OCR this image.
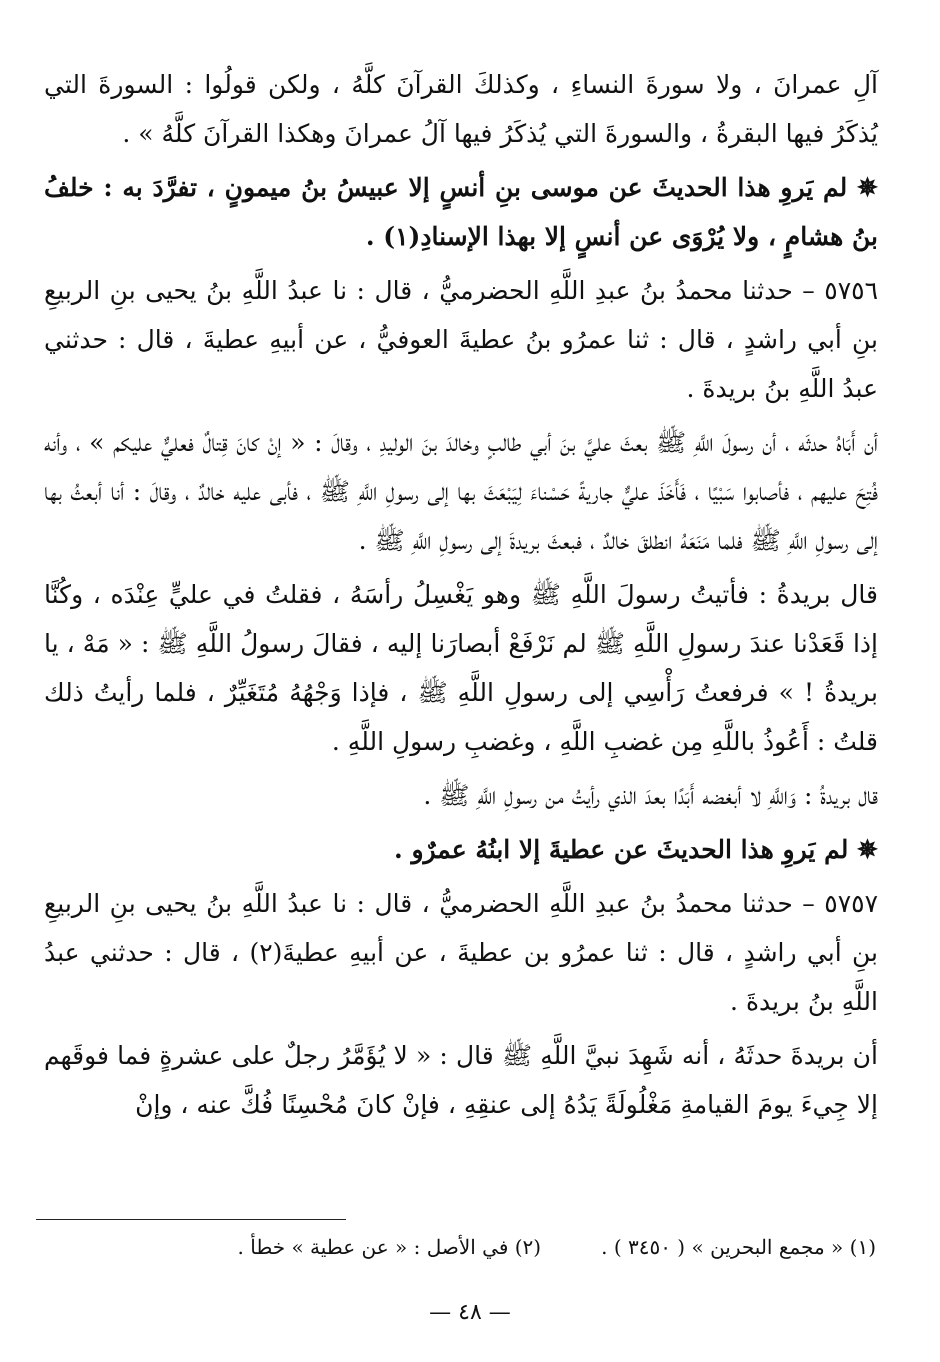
آلِ عمرانَ ، ولا سورةَ النساءِ ، وكذلكَ القرآنَ كلَّهُ ، ولكن قولُوا : السورةَ التي يُذكَرُ فيها البقرةُ ، والسورةَ التي يُذكَرُ فيها آلُ عمرانَ وهكذا القرآنَ كلَّهُ » .

✵ لم يَروِ هذا الحديثَ عن موسى بنِ أنسٍ إلا عبيسُ بنُ ميمونٍ ، تفرَّدَ به : خلفُ بنُ هشامٍ ، ولا يُرْوَى عن أنسٍ إلا بهذا الإسنادِ(١) .

٥٧٥٦ – حدثنا محمدُ بنُ عبدِ اللَّهِ الحضرميُّ ، قال : نا عبدُ اللَّهِ بنُ يحيى بنِ الربيعِ بنِ أبي راشدٍ ، قال : ثنا عمرُو بنُ عطيةَ العوفيُّ ، عن أبيهِ عطيةَ ، قال : حدثني عبدُ اللَّهِ بنُ بريدةَ .

أن أَبَاهُ حدثَه ، أن رسولَ اللَّهِ ﷺ بعثَ عليَّ بنَ أبي طالبٍ وخالدَ بنَ الوليدِ ، وقالَ : « إنْ كانَ قِتالٌ فعليٌّ عليكم » ، وأنه فُتِحَ عليهم ، فأصابوا سَبْيًا ، فَأَخَذَ عليٌّ جاريةً حَسْناءَ لِيَبْعَثَ بها إلى رسولِ اللَّهِ ﷺ ، فأبى عليه خالدٌ ، وقالَ : أنا أبعثُ بها إلى رسولِ اللَّهِ ﷺ فلما مَنَعَهُ انطلقَ خالدٌ ، فبعثَ بريدةَ إلى رسولِ اللَّهِ ﷺ .

قال بريدةُ : فأتيتُ رسولَ اللَّهِ ﷺ وهو يَغْسِلُ رأسَهُ ، فقلتُ في عليٍّ عِنْدَه ، وكُنَّا إذا قَعَدْنا عندَ رسولِ اللَّهِ ﷺ لم نَرْفَعْ أبصارَنا إليه ، فقالَ رسولُ اللَّهِ ﷺ : « مَهْ ، يا بريدةُ ! » فرفعتُ رَأْسِي إلى رسولِ اللَّهِ ﷺ ، فإذا وَجْهُهُ مُتَغَيِّرٌ ، فلما رأيتُ ذلك قلتُ : أَعُوذُ باللَّهِ مِن غضبِ اللَّهِ ، وغضبِ رسولِ اللَّهِ .

قال بريدةُ : وَاللَّهِ لا أبغضه أَبَدًا بعدَ الذي رأيتُ من رسولِ اللَّهِ ﷺ .

✵ لم يَروِ هذا الحديثَ عن عطيةَ إلا ابنُهُ عمرٌو .

٥٧٥٧ – حدثنا محمدُ بنُ عبدِ اللَّهِ الحضرميُّ ، قال : نا عبدُ اللَّهِ بنُ يحيى بنِ الربيعِ بنِ أبي راشدٍ ، قال : ثنا عمرُو بن عطيةَ ، عن أبيهِ عطيةَ(٢) ، قال : حدثني عبدُ اللَّهِ بنُ بريدةَ .

أن بريدةَ حدثَهُ ، أنه شَهِدَ نبيَّ اللَّهِ ﷺ قال : « لا يُؤَمَّرُ رجلٌ على عشرةٍ فما فوقَهم إلا جِيءَ يومَ القيامةِ مَغْلُولَةً يَدُهُ إلى عنقِهِ ، فإنْ كانَ مُحْسِنًا فُكَّ عنه ، وإنْ

(١) « مجمع البحرين » ( ٣٤٥٠ ) .
(٢) في الأصل : « عن عطية » خطأ .
— ٤٨ —
